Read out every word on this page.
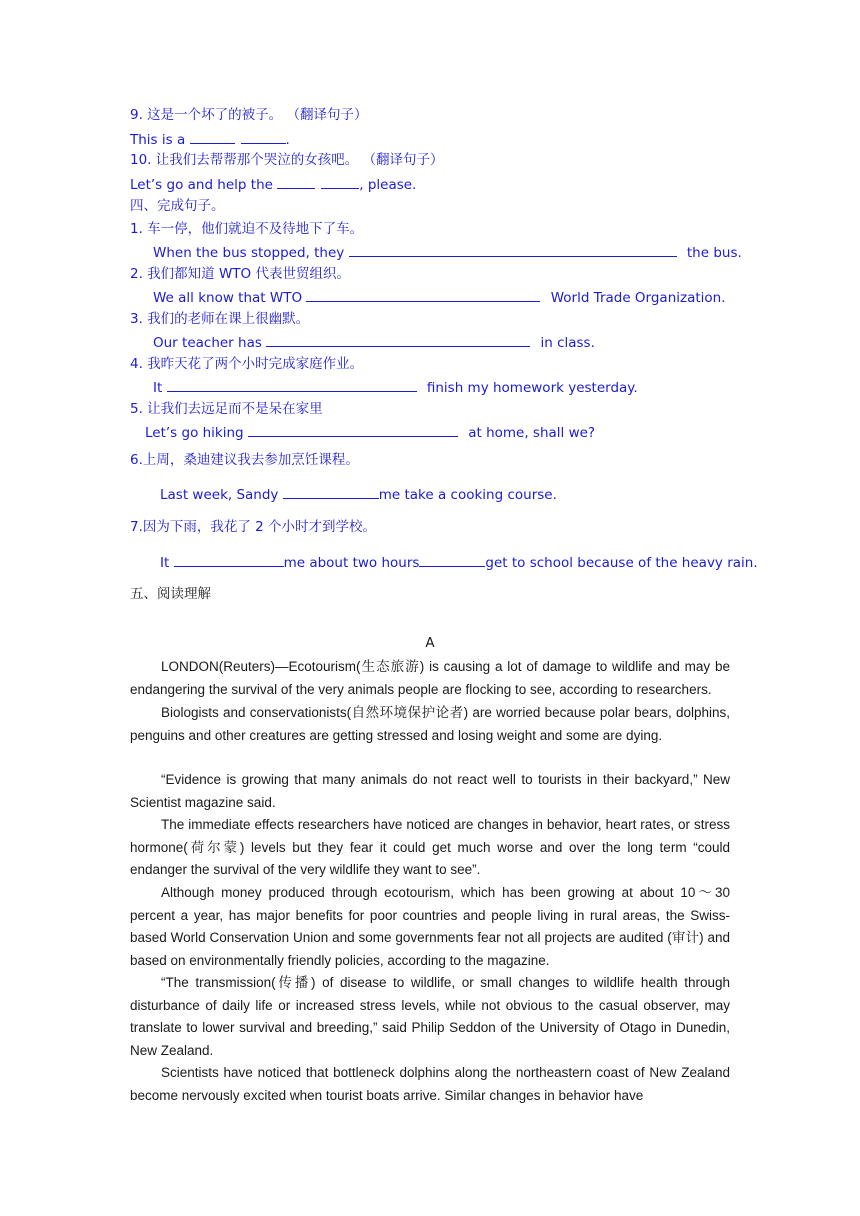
9. 这是一个坏了的被子。 （翻译句子）
This is a	.
10. 让我们去帮帮那个哭泣的女孩吧。 （翻译句子）
Let’s go and help the	, please.
四、完成句子。
1. 车一停，他们就迫不及待地下了车。
When the bus stopped, they	the bus.
2. 我们都知道 WTO 代表世贸组织。
We all know that WTO	World Trade Organization.
3. 我们的老师在课上很幽默。
Our teacher has	in class.
4. 我昨天花了两个小时完成家庭作业。
It	finish my homework yesterday.
5. 让我们去远足而不是呆在家里
Let’s go hiking	at home, shall we?
6.上周，桑迪建议我去参加烹饪课程。
Last week, Sandy	me take a cooking course.
7.因为下雨，我花了 2 个小时才到学校。
It	me about two hours	get to school because of the heavy rain.
五、阅读理解
A
LONDON(Reuters)—Ecotourism(生态旅游) is causing a lot of damage to wildlife and may be endangering the survival of the very animals people are flocking to see, according to researchers.
Biologists and conservationists(自然环境保护论者) are worried because polar bears, dolphins, penguins and other creatures are getting stressed and losing weight and some are dying.
“Evidence is growing that many animals do not react well to tourists in their backyard,” New Scientist magazine said.
The immediate effects researchers have noticed are changes in behavior, heart rates, or stress hormone(荷尔蒙) levels but they fear it could get much worse and over the long term “could endanger the survival of the very wildlife they want to see”.
Although money produced through ecotourism, which has been growing at about 10～30 percent a year, has major benefits for poor countries and people living in rural areas, the Swiss-based World Conservation Union and some governments fear not all projects are audited (审计) and based on environmentally friendly policies, according to the magazine.
“The transmission(传播) of disease to wildlife, or small changes to wildlife health through disturbance of daily life or increased stress levels, while not obvious to the casual observer, may translate to lower survival and breeding,” said Philip Seddon of the University of Otago in Dunedin, New Zealand.
Scientists have noticed that bottleneck dolphins along the northeastern coast of New Zealand become nervously excited when tourist boats arrive. Similar changes in behavior have
